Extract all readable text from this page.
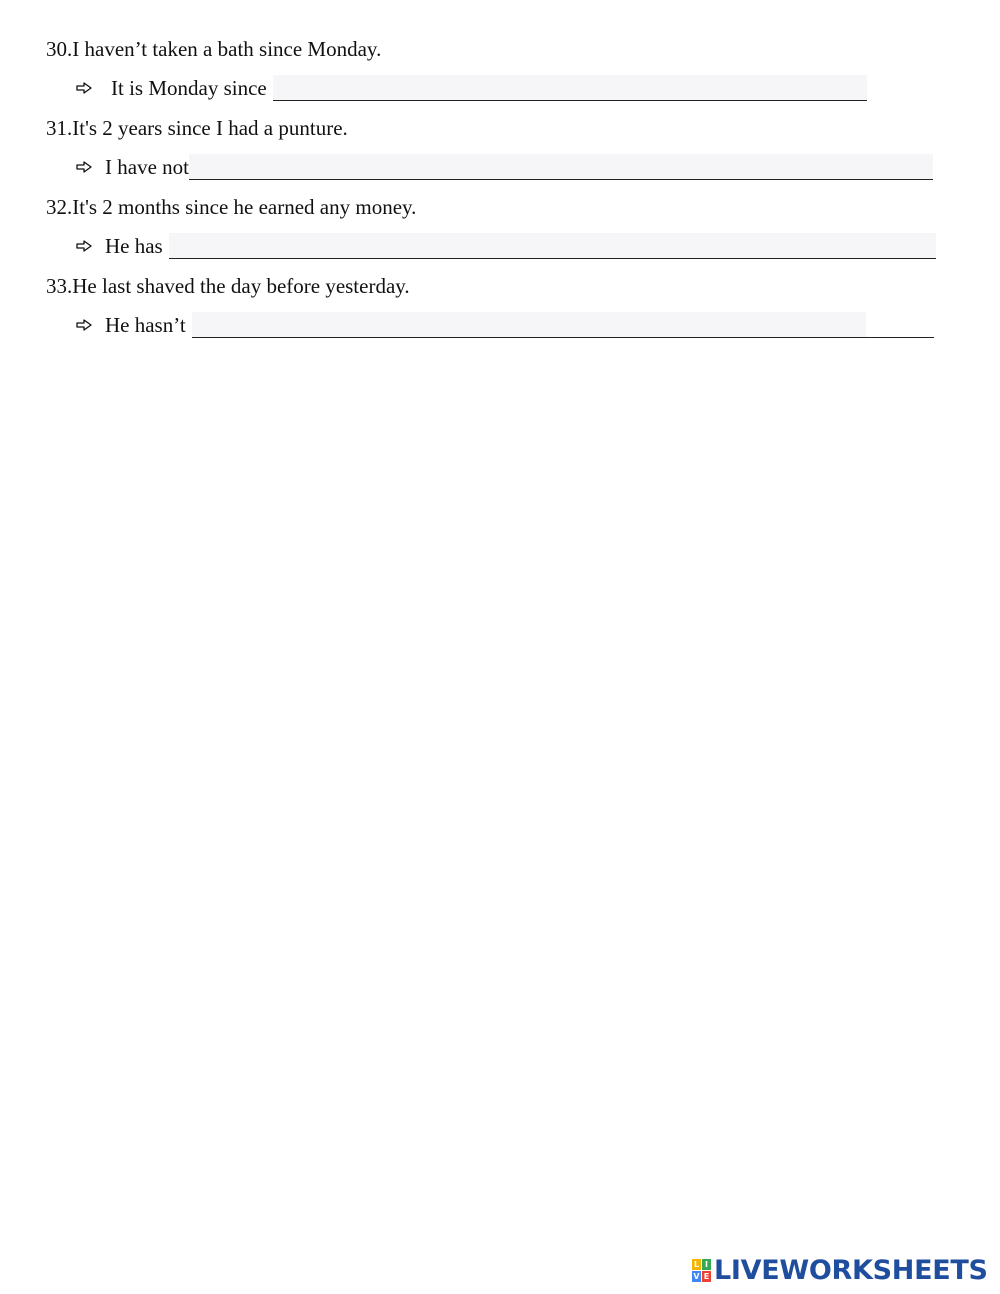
30.I haven’t taken a bath since Monday.
It is Monday since
31.It's 2 years since I had a punture.
I have not
32.It's 2 months since he earned any money.
He has
33.He last shaved the day before yesterday.
He hasn’t
L I
V E LIVEWORKSHEETS
